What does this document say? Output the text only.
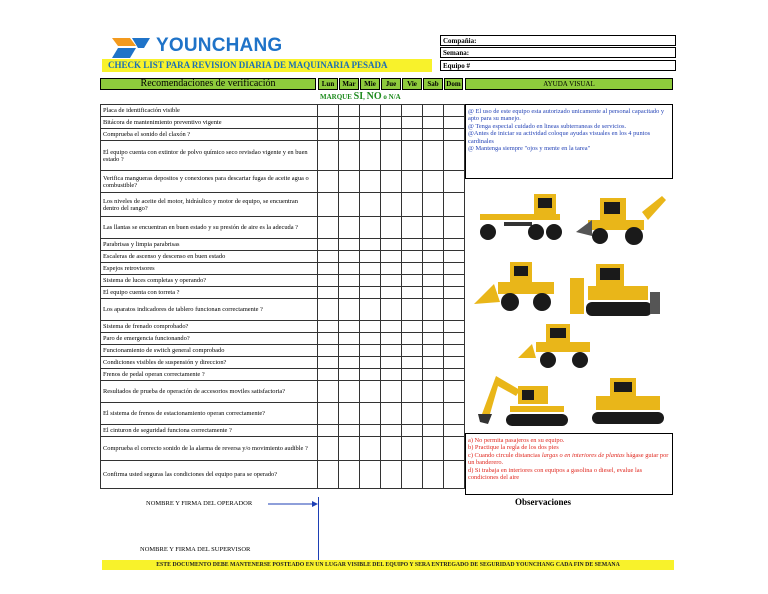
YOUNCHANG
CHECK LIST PARA REVISION DIARIA DE MAQUINARIA PESADA
Compañia:
Semana:
Equipo #
Recomendaciones de verificación	Lun	Mar	Mie	Jue	Vie	Sab	Dom	AYUDA VISUAL
MARQUE SI, NO o N/A
Placa de identificación visible							
Bitácora de mantenimiento preventivo vigente							
Comprueba el sonido del claxón ?							
El equipo cuenta con extintor de polvo químico seco revisdao vigente y en buen estado ?							
Verifica mangueras depositos y conexiones para descartar fugas de aceite agua o combustible?							
Los niveles de aceite del motor, hidráulico y motor de equipo, se encuentran dentro del rango?							
Las llantas se encuentran en buen estado y su presión de aire es la adecuda ?							
Parabrisas y limpia parabrisas							
Escaleras de ascenso y descenso en buen estado							
Espejos retrovisores							
Sistema de luces completas y operando?							
El equipo cuenta con torreta ?							
Los aparatos indicadores de tablero funcionan correctamente ?							
Sistema de frenado comprobado?							
Paro de emergencia funcionando?							
Funcionamiento de switch general comprobado							
Condiciones visibles de suspensión y direccion?							
Frenos de pedal operan correctamente ?							
Resultados de prueba de operación de accesorios moviles satisfactoria?							
El sistema de frenos de estacionamiento operan correctamente?							
El cinturon de seguridad funciona correctamente ?							
Comprueba el correcto sonido de la alarma de reversa y/o movimiento audible ?							
Confirma usted seguras las condiciones del equipo para se operado?							
@ El uso de este equipo esta autorizado unicamente al personal capacitado y apto para su manejo.
@ Tenga especial cuidado en lineas subterraneas de servicios.
@Antes de iniciar su actividad coloque ayudas visuales en los 4 puntos cardinales
@ Mantenga siempre "ojos y mente en la tarea"
a) No permita pasajeros en su equipo.
b) Practique la regla de los dos pies
c) Cuando circule distancias largas o en interiores de plantas hágase guiar por un banderero.
d) Si trabaja en interiores con equipos a gasolina o diesel, evalue las condiciones del aire
NOMBRE Y FIRMA DEL OPERADOR	Observaciones
NOMBRE Y FIRMA DEL SUPERVISOR
ESTE DOCUMENTO DEBE MANTENERSE POSTEADO EN UN LUGAR VISIBLE DEL EQUIPO Y SERA ENTREGADO DE SEGURIDAD YOUNCHANG CADA FIN DE SEMANA
